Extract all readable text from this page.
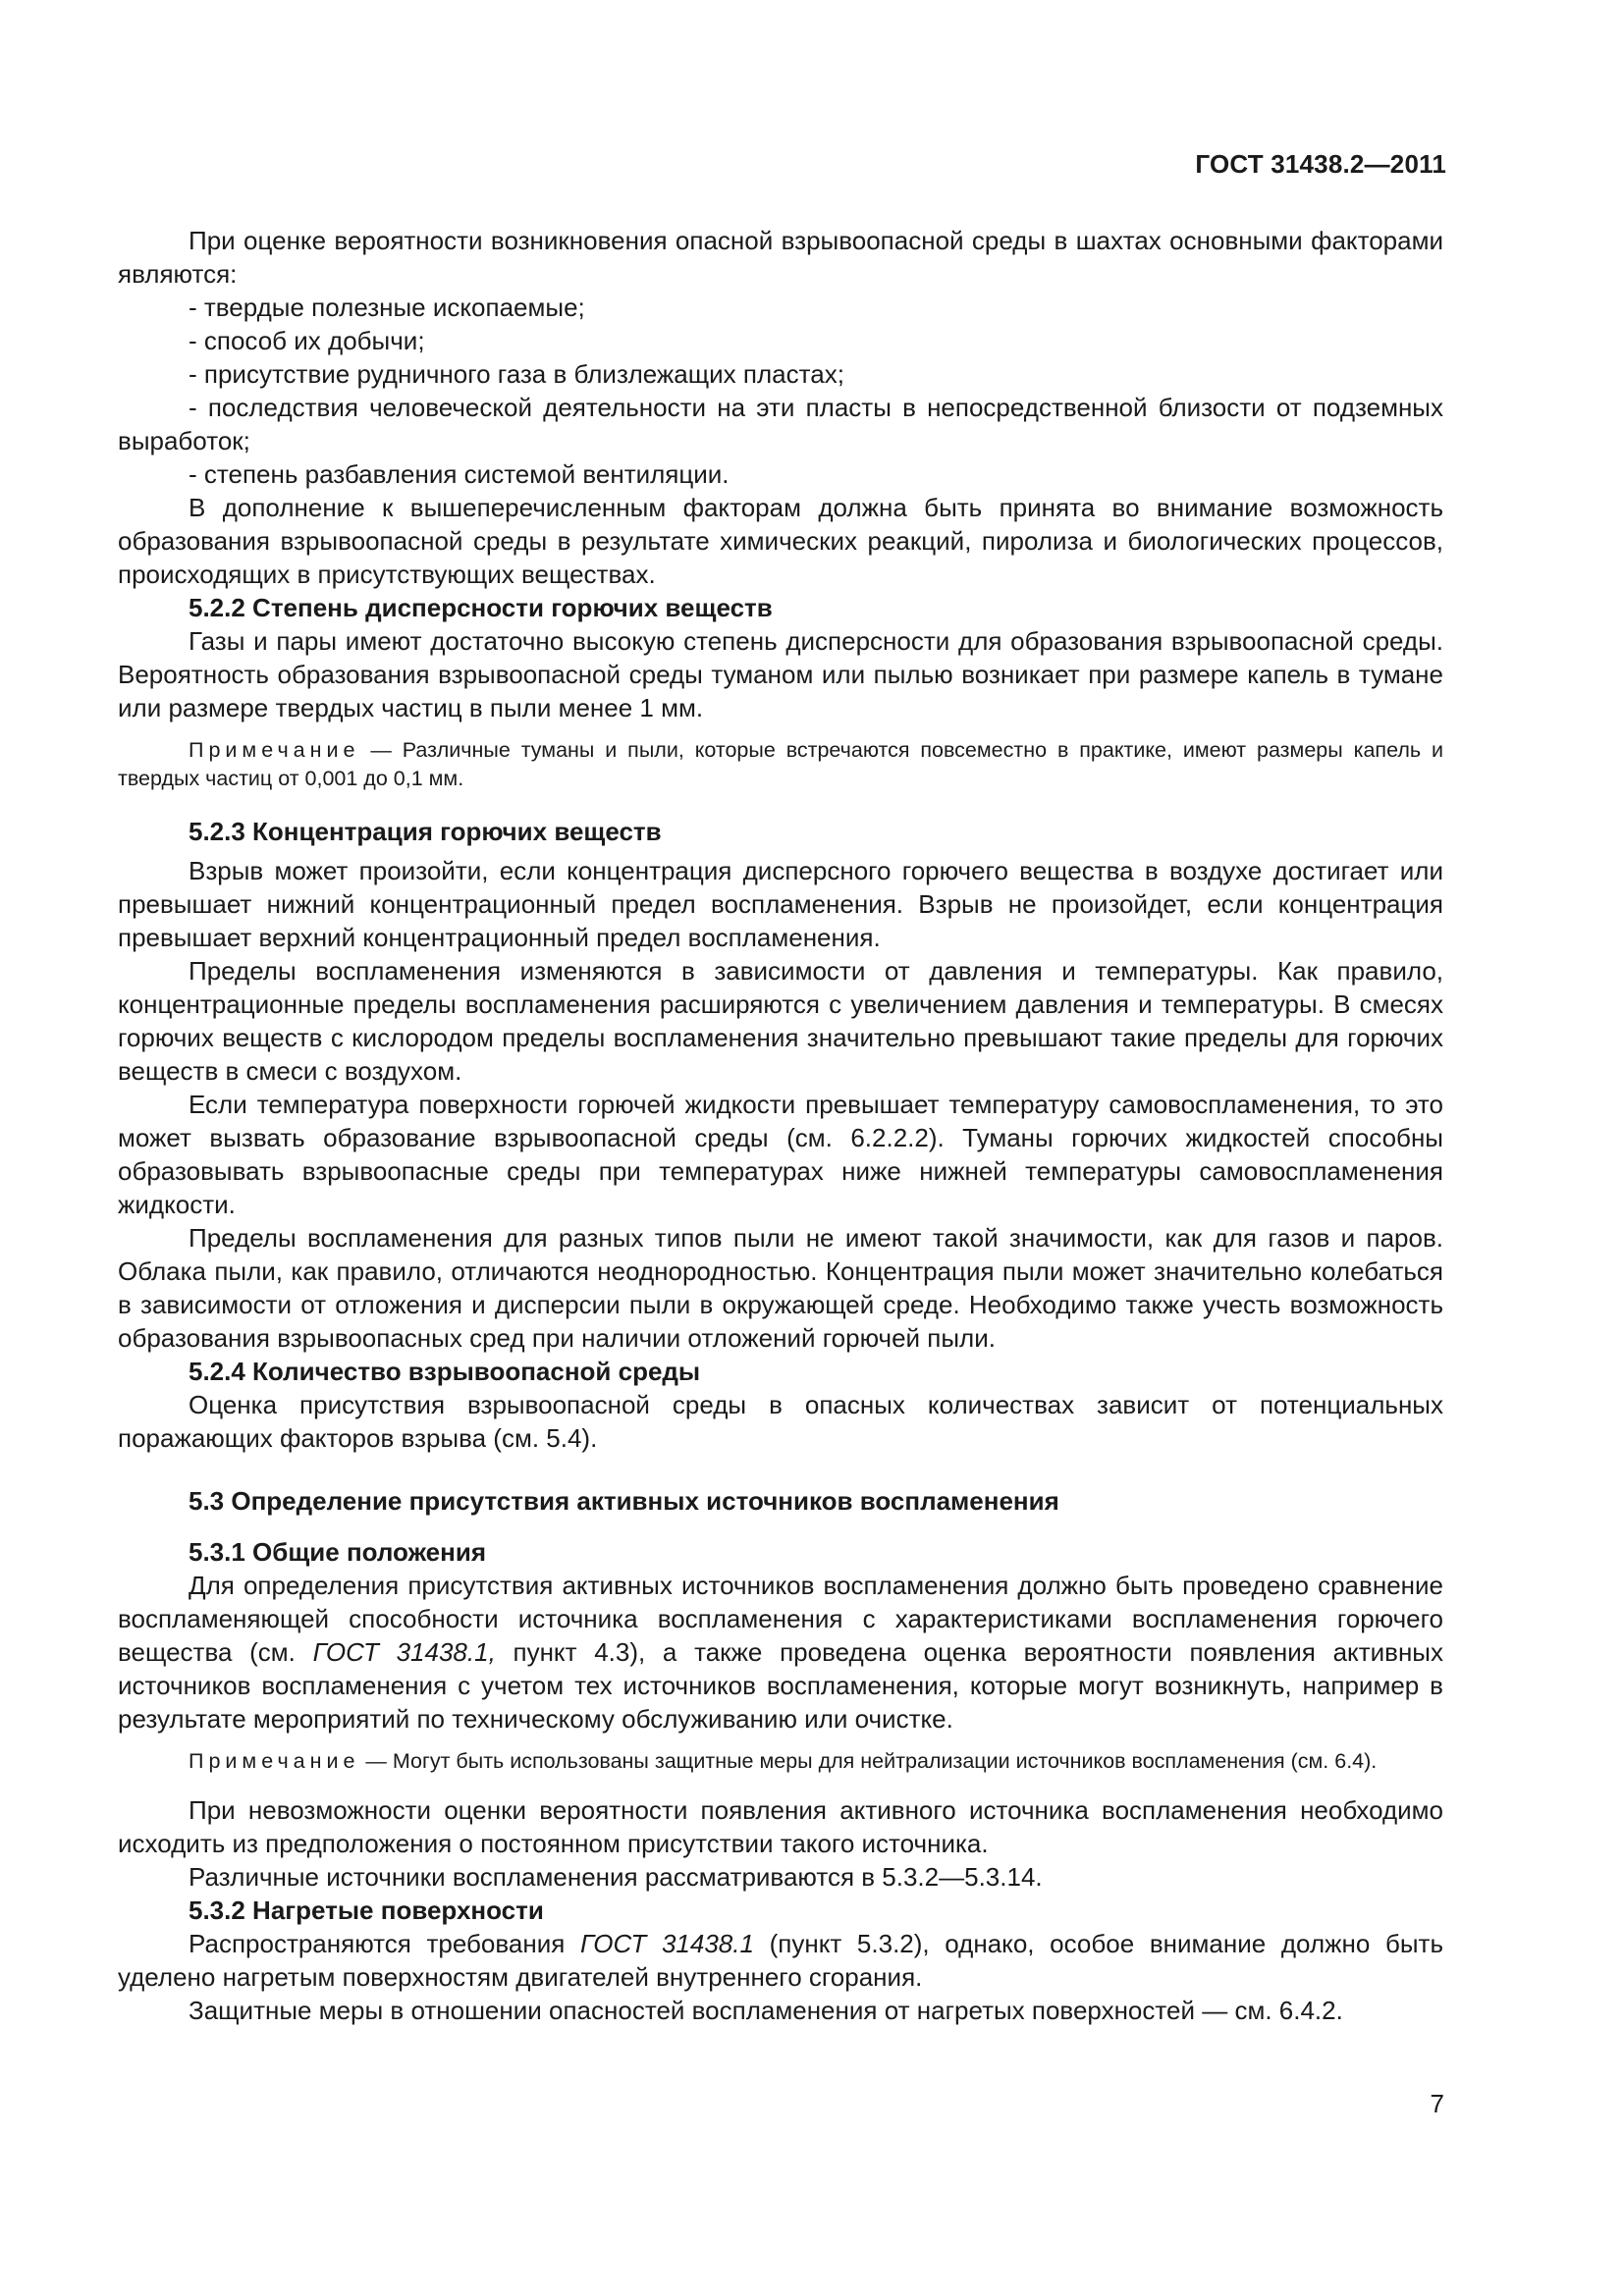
ГОСТ 31438.2—2011

При оценке вероятности возникновения опасной взрывоопасной среды в шахтах основными факторами являются:

- твердые полезные ископаемые;

- способ их добычи;

- присутствие рудничного газа в близлежащих пластах;

- последствия человеческой деятельности на эти пласты в непосредственной близости от подземных выработок;

- степень разбавления системой вентиляции.

В дополнение к вышеперечисленным факторам должна быть принята во внимание возможность образования взрывоопасной среды в результате химических реакций, пиролиза и биологических процессов, происходящих в присутствующих веществах.

5.2.2 Степень дисперсности горючих веществ

Газы и пары имеют достаточно высокую степень дисперсности для образования взрывоопасной среды. Вероятность образования взрывоопасной среды туманом или пылью возникает при размере капель в тумане или размере твердых частиц в пыли менее 1 мм.

Примечание — Различные туманы и пыли, которые встречаются повсеместно в практике, имеют размеры капель и твердых частиц от 0,001 до 0,1 мм.

5.2.3 Концентрация горючих веществ

Взрыв может произойти, если концентрация дисперсного горючего вещества в воздухе достигает или превышает нижний концентрационный предел воспламенения. Взрыв не произойдет, если концентрация превышает верхний концентрационный предел воспламенения.

Пределы воспламенения изменяются в зависимости от давления и температуры. Как правило, концентрационные пределы воспламенения расширяются с увеличением давления и температуры. В смесях горючих веществ с кислородом пределы воспламенения значительно превышают такие пределы для горючих веществ в смеси с воздухом.

Если температура поверхности горючей жидкости превышает температуру самовоспламенения, то это может вызвать образование взрывоопасной среды (см. 6.2.2.2). Туманы горючих жидкостей способны образовывать взрывоопасные среды при температурах ниже нижней температуры самовоспламенения жидкости.

Пределы воспламенения для разных типов пыли не имеют такой значимости, как для газов и паров. Облака пыли, как правило, отличаются неоднородностью. Концентрация пыли может значительно колебаться в зависимости от отложения и дисперсии пыли в окружающей среде. Необходимо также учесть возможность образования взрывоопасных сред при наличии отложений горючей пыли.

5.2.4 Количество взрывоопасной среды

Оценка присутствия взрывоопасной среды в опасных количествах зависит от потенциальных поражающих факторов взрыва (см. 5.4).

5.3 Определение присутствия активных источников воспламенения

5.3.1 Общие положения

Для определения присутствия активных источников воспламенения должно быть проведено сравнение воспламеняющей способности источника воспламенения с характеристиками воспламенения горючего вещества (см. ГОСТ 31438.1, пункт 4.3), а также проведена оценка вероятности появления активных источников воспламенения с учетом тех источников воспламенения, которые могут возникнуть, например в результате мероприятий по техническому обслуживанию или очистке.

Примечание — Могут быть использованы защитные меры для нейтрализации источников воспламенения (см. 6.4).

При невозможности оценки вероятности появления активного источника воспламенения необходимо исходить из предположения о постоянном присутствии такого источника.

Различные источники воспламенения рассматриваются в 5.3.2—5.3.14.

5.3.2 Нагретые поверхности

Распространяются требования ГОСТ 31438.1 (пункт 5.3.2), однако, особое внимание должно быть уделено нагретым поверхностям двигателей внутреннего сгорания.

Защитные меры в отношении опасностей воспламенения от нагретых поверхностей — см. 6.4.2.

7
